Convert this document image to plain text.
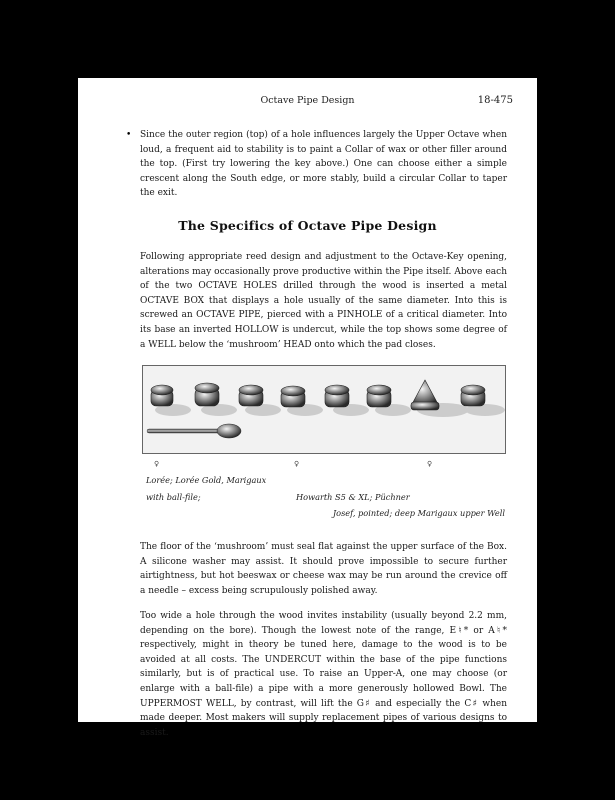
Octave Pipe Design	18-475
• Since the outer region (top) of a hole influences largely the Upper Octave when loud, a frequent aid to stability is to paint a Collar of wax or other filler around the top. (First try lowering the key above.) One can choose either a simple crescent along the South edge, or more stably, build a circular Collar to taper the exit.
The Specifics of Octave Pipe Design

Following appropriate reed design and adjustment to the Octave-Key opening, alterations may occasionally prove productive within the Pipe itself. Above each of the two OCTAVE HOLES drilled through the wood is inserted a metal OCTAVE BOX that displays a hole usually of the same diameter. Into this is screwed an OCTAVE PIPE, pierced with a PINHOLE of a critical diameter. Into its base an inverted HOLLOW is undercut, while the top shows some degree of a WELL below the ‘mushroom’ HEAD onto which the pad closes.

♀	♀	♀
Lorée; Lorée Gold, Marigaux
with ball-file;	Howarth S5 & XL; Püchner
Josef, pointed; deep Marigaux upper Well

The floor of the ‘mushroom’ must seal flat against the upper surface of the Box. A silicone washer may assist. It should prove impossible to secure further airtightness, but hot beeswax or cheese wax may be run around the crevice off a needle – excess being scrupulously polished away.

Too wide a hole through the wood invites instability (usually beyond 2.2 mm, depending on the bore). Though the lowest note of the range, E♮* or A♮* respectively, might in theory be tuned here, damage to the wood is to be avoided at all costs. The UNDERCUT within the base of the pipe functions similarly, but is of practical use. To raise an Upper-A, one may choose (or enlarge with a ball-file) a pipe with a more generously hollowed Bowl. The UPPERMOST WELL, by contrast, will lift the G♯ and especially the C♯ when made deeper. Most makers will supply replacement pipes of various designs to assist.
